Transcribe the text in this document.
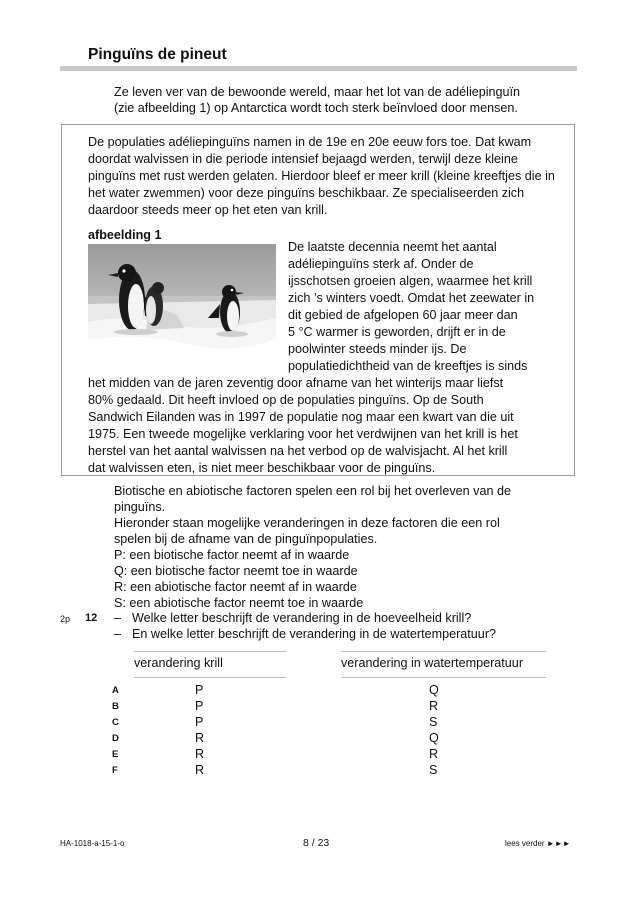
Pinguïns de pineut
Ze leven ver van de bewoonde wereld, maar het lot van de adéliepinguïn
(zie afbeelding 1) op Antarctica wordt toch sterk beïnvloed door mensen.
De populaties adéliepinguïns namen in de 19e en 20e eeuw fors toe. Dat kwam doordat walvissen in die periode intensief bejaagd werden, terwijl deze kleine pinguïns met rust werden gelaten. Hierdoor bleef er meer krill (kleine kreeftjes die in het water zwemmen) voor deze pinguïns beschikbaar. Ze specialiseerden zich daardoor steeds meer op het eten van krill.
afbeelding 1
De laatste decennia neemt het aantal
adéliepinguïns sterk af. Onder de
ijsschotsen groeien algen, waarmee het krill
zich ’s winters voedt. Omdat het zeewater in
dit gebied de afgelopen 60 jaar meer dan
5 °C warmer is geworden, drijft er in de
poolwinter steeds minder ijs. De
populatiedichtheid van de kreeftjes is sinds
het midden van de jaren zeventig door afname van het winterijs maar liefst
80% gedaald. Dit heeft invloed op de populaties pinguïns. Op de South
Sandwich Eilanden was in 1997 de populatie nog maar een kwart van die uit
1975. Een tweede mogelijke verklaring voor het verdwijnen van het krill is het
herstel van het aantal walvissen na het verbod op de walvisjacht. Al het krill
dat walvissen eten, is niet meer beschikbaar voor de pinguïns.
Biotische en abiotische factoren spelen een rol bij het overleven van de
pinguïns.
Hieronder staan mogelijke veranderingen in deze factoren die een rol
spelen bij de afname van de pinguïnpopulaties.
P: een biotische factor neemt af in waarde
Q: een biotische factor neemt toe in waarde
R: een abiotische factor neemt af in waarde
S: een abiotische factor neemt toe in waarde
2p 12 – Welke letter beschrijft de verandering in de hoeveelheid krill?
– En welke letter beschrijft de verandering in de watertemperatuur?
verandering krill	verandering in watertemperatuur
A	P	Q
B	P	R
C	P	S
D	R	Q
E	R	R
F	R	S
HA-1018-a-15-1-o	8 / 23	lees verder ►►►
